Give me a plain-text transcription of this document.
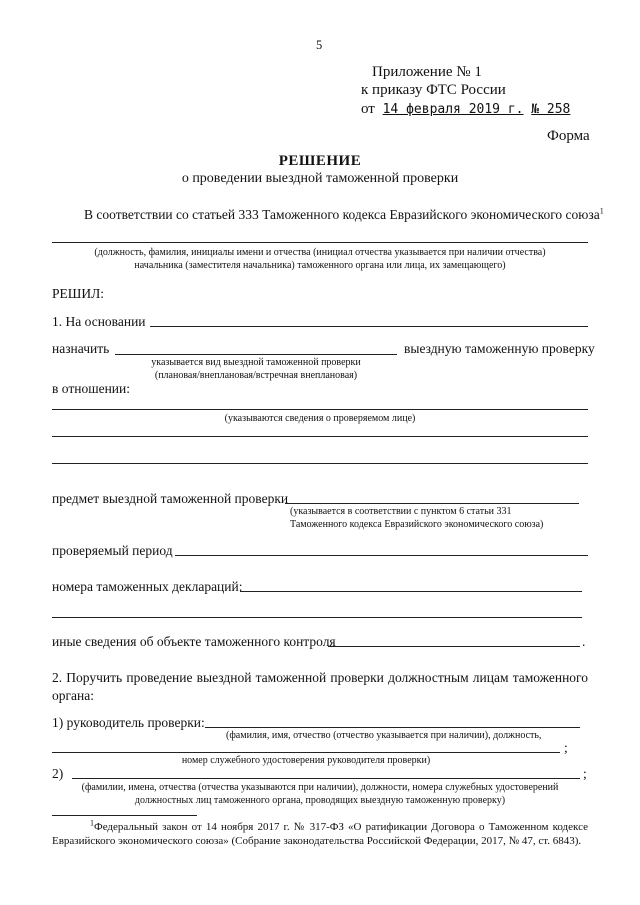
5
Приложение № 1
к приказу ФТС России
от 14 февраля 2019 г. № 258
Форма
РЕШЕНИЕ
о проведении выездной таможенной проверки
В соответствии со статьей 333 Таможенного кодекса Евразийского экономического союза$^1$
(должность, фамилия, инициалы имени и отчества (инициал отчества указывается при наличии отчества)
начальника (заместителя начальника) таможенного органа или лица, их замещающего)
РЕШИЛ:
1. На основании
назначить	выездную таможенную проверку
указывается вид выездной таможенной проверки
(плановая/внеплановая/встречная внеплановая)
в отношении:
(указываются сведения о проверяемом лице)
предмет выездной таможенной проверки
(указывается в соответствии с пунктом 6 статьи 331
Таможенного кодекса Евразийского экономического союза)
проверяемый период
номера таможенных деклараций:
иные сведения об объекте таможенного контроля	.
2. Поручить проведение выездной таможенной проверки должностным лицам таможенного органа:
1) руководитель проверки:
(фамилия, имя, отчество (отчество указывается при наличии), должность,
;
номер служебного удостоверения руководителя проверки)
2)	;
(фамилии, имена, отчества (отчества указываются при наличии), должности, номера служебных удостоверений
должностных лиц таможенного органа, проводящих выездную таможенную проверку)
$^1$Федеральный закон от 14 ноября 2017 г. № 317-ФЗ «О ратификации Договора о Таможенном кодексе Евразийского экономического союза» (Собрание законодательства Российской Федерации, 2017, № 47, ст. 6843).
